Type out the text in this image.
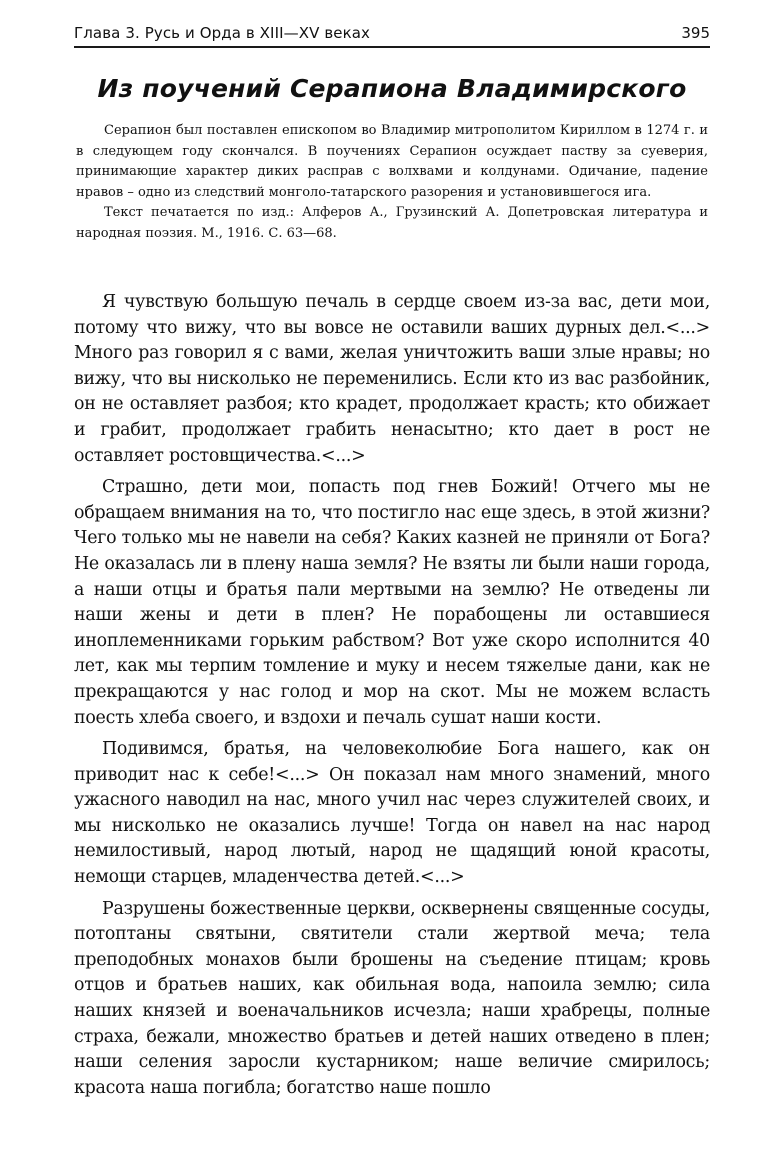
Глава 3. Русь и Орда в XIII—XV веках	395
Из поучений Серапиона Владимирского

Серапион был поставлен епископом во Владимир митрополитом Кириллом в 1274 г. и в следующем году скончался. В поучениях Серапион осуждает паству за суеверия, принимающие характер диких расправ с волхвами и колдунами. Одичание, падение нравов – одно из следствий монголо-татарского разорения и установившегося ига.

Текст печатается по изд.: Алферов А., Грузинский А. Допетровская литература и народная поэзия. М., 1916. С. 63—68.

Я чувствую большую печаль в сердце своем из-за вас, дети мои, потому что вижу, что вы вовсе не оставили ваших дурных дел.<...> Много раз говорил я с вами, желая уничтожить ваши злые нравы; но вижу, что вы нисколько не переменились. Если кто из вас разбойник, он не оставляет разбоя; кто крадет, продолжает красть; кто обижает и грабит, продолжает грабить ненасытно; кто дает в рост не оставляет ростовщичества.<...>

Страшно, дети мои, попасть под гнев Божий! Отчего мы не обращаем внимания на то, что постигло нас еще здесь, в этой жизни? Чего только мы не навели на себя? Каких казней не приняли от Бога? Не оказалась ли в плену наша земля? Не взяты ли были наши города, а наши отцы и братья пали мертвыми на землю? Не отведены ли наши жены и дети в плен? Не порабощены ли оставшиеся иноплеменниками горьким рабством? Вот уже скоро исполнится 40 лет, как мы терпим томление и муку и несем тяжелые дани, как не прекращаются у нас голод и мор на скот. Мы не можем всласть поесть хлеба своего, и вздохи и печаль сушат наши кости.

Подивимся, братья, на человеколюбие Бога нашего, как он приводит нас к себе!<...> Он показал нам много знамений, много ужасного наводил на нас, много учил нас через служителей своих, и мы нисколько не оказались лучше! Тогда он навел на нас народ немилостивый, народ лютый, народ не щадящий юной красоты, немощи старцев, младенчества детей.<...>

Разрушены божественные церкви, осквернены священные сосуды, потоптаны святыни, святители стали жертвой меча; тела преподобных монахов были брошены на съедение птицам; кровь отцов и братьев наших, как обильная вода, напоила землю; сила наших князей и военачальников исчезла; наши храбрецы, полные страха, бежали, множество братьев и детей наших отведено в плен; наши селения заросли кустарником; наше величие смирилось; красота наша погибла; богатство наше пошло
